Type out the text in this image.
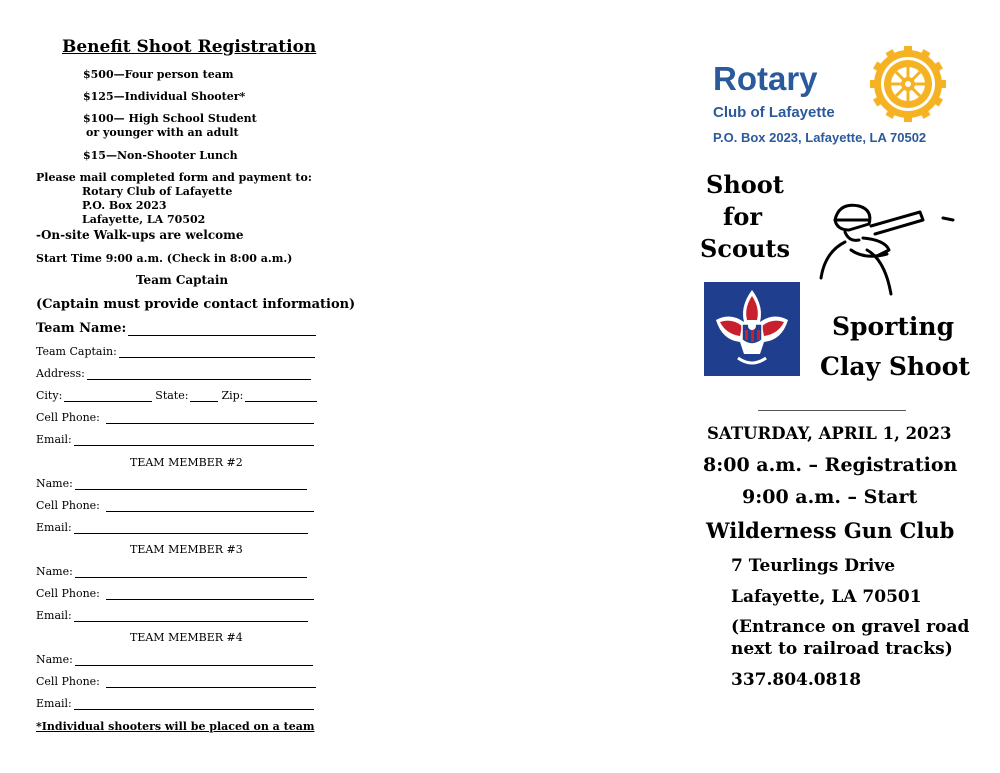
Benefit Shoot Registration
$500—Four person team
$125—Individual Shooter*
$100— High School Student
or younger with an adult
$15—Non-Shooter Lunch
Please mail completed form and payment to:
Rotary Club of Lafayette
P.O. Box 2023
Lafayette, LA 70502
-On-site Walk-ups are welcome
Start Time 9:00 a.m. (Check in 8:00 a.m.)
Team Captain
(Captain must provide contact information)
Team Name:
Team Captain:
Address:
City:	State:	Zip:
Cell Phone:
Email:
TEAM MEMBER #2
Name:
Cell Phone:
Email:
TEAM MEMBER #3
Name:
Cell Phone:
Email:
TEAM MEMBER #4
Name:
Cell Phone:
Email:
*Individual shooters will be placed on a team
Rotary
Club of Lafayette
P.O. Box 2023, Lafayette, LA 70502
Shoot
for
Scouts
Sporting
Clay Shoot
SATURDAY, APRIL 1, 2023
8:00 a.m. – Registration
9:00 a.m. – Start
Wilderness Gun Club
7 Teurlings Drive
Lafayette, LA 70501
(Entrance on gravel road
next to railroad tracks)
337.804.0818
